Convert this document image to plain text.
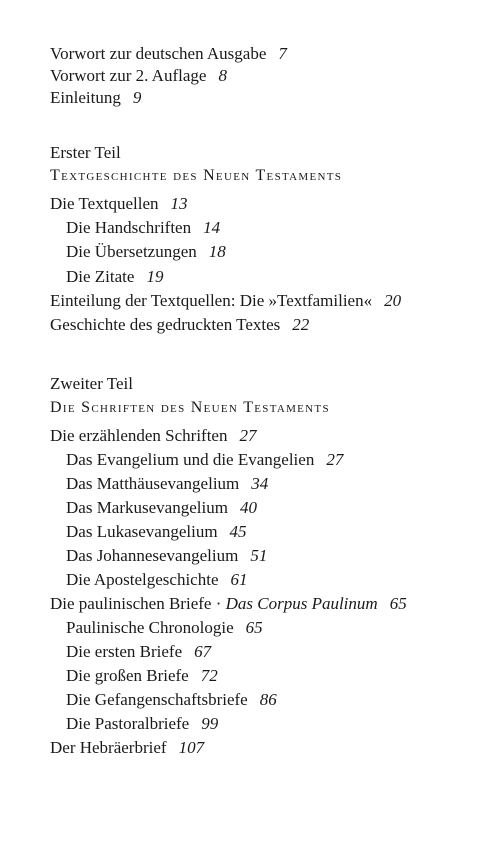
Vorwort zur deutschen Ausgabe 7
Vorwort zur 2. Auflage 8
Einleitung 9
Erster Teil
Textgeschichte des Neuen Testaments
Die Textquellen 13
Die Handschriften 14
Die Übersetzungen 18
Die Zitate 19
Einteilung der Textquellen: Die »Textfamilien« 20
Geschichte des gedruckten Textes 22
Zweiter Teil
Die Schriften des Neuen Testaments
Die erzählenden Schriften 27
Das Evangelium und die Evangelien 27
Das Matthäusevangelium 34
Das Markusevangelium 40
Das Lukasevangelium 45
Das Johannesevangelium 51
Die Apostelgeschichte 61
Die paulinischen Briefe · Das Corpus Paulinum 65
Paulinische Chronologie 65
Die ersten Briefe 67
Die großen Briefe 72
Die Gefangenschaftsbriefe 86
Die Pastoralbriefe 99
Der Hebräerbrief 107
